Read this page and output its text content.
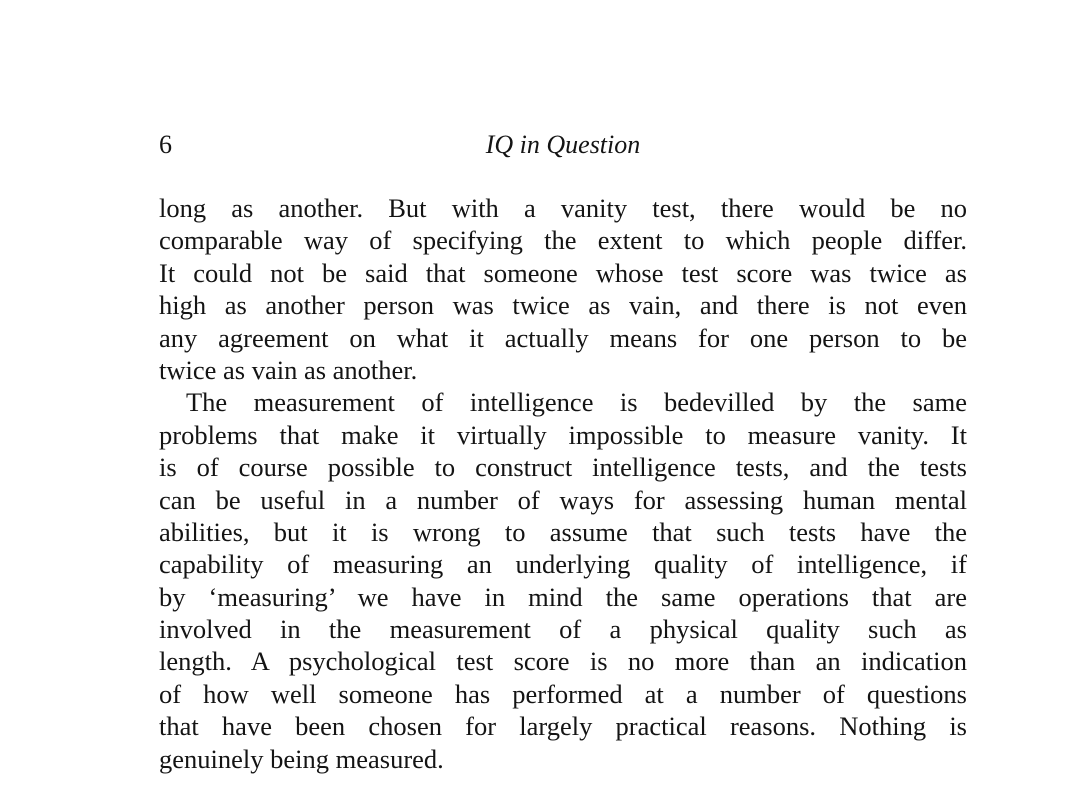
6	IQ in Question
long as another. But with a vanity test, there would be no
comparable way of specifying the extent to which people differ.
It could not be said that someone whose test score was twice as
high as another person was twice as vain, and there is not even
any agreement on what it actually means for one person to be
twice as vain as another.
The measurement of intelligence is bedevilled by the same
problems that make it virtually impossible to measure vanity. It
is of course possible to construct intelligence tests, and the tests
can be useful in a number of ways for assessing human mental
abilities, but it is wrong to assume that such tests have the
capability of measuring an underlying quality of intelligence, if
by ‘measuring’ we have in mind the same operations that are
involved in the measurement of a physical quality such as
length. A psychological test score is no more than an indication
of how well someone has performed at a number of questions
that have been chosen for largely practical reasons. Nothing is
genuinely being measured.
